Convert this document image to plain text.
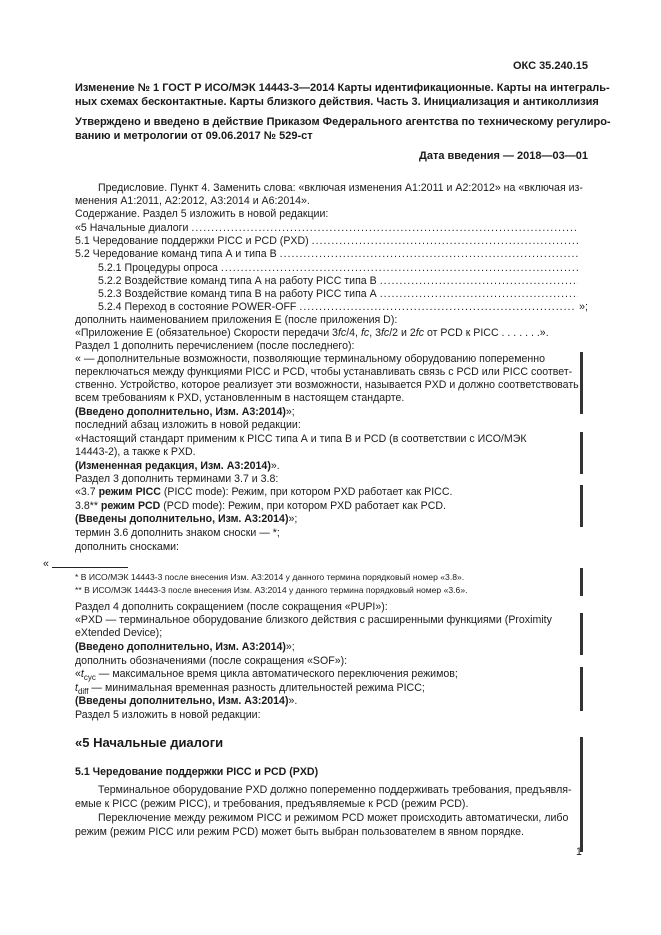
ОКС 35.240.15
Изменение № 1 ГОСТ Р ИСО/МЭК 14443-3—2014 Карты идентификационные. Карты на интеграль-
ных схемах бесконтактные. Карты близкого действия. Часть 3. Инициализация и антиколлизия
Утверждено и введено в действие Приказом Федерального агентства по техническому регулиро-
ванию и метрологии от 09.06.2017 № 529-ст
Дата введения — 2018—03—01
Предисловие. Пункт 4. Заменить слова: «включая изменения А1:2011 и А2:2012» на «включая из-
менения А1:2011, А2:2012, А3:2014 и А6:2014».
Содержание. Раздел 5 изложить в новой редакции:
«5 Начальные диалоги
.....
5.1 Чередование поддержки PICC и PCD (PXD)
.....
5.2 Чередование команд типа А и типа В
.....
5.2.1 Процедуры опроса
.....
5.2.2 Воздействие команд типа А на работу PICC типа В
.....
5.2.3 Воздействие команд типа В на работу PICC типа А
.....
5.2.4 Переход в состояние POWER-OFF
.....	»;
дополнить наименованием приложения Е (после приложения D):
«Приложение Е (обязательное) Скорости передачи 3fc/4, fc, 3fc/2 и 2fc от PCD к PICC . . . . . . .».
Раздел 1 дополнить перечислением (после последнего):
« — дополнительные возможности, позволяющие терминальному оборудованию попеременно
переключаться между функциями PICC и PCD, чтобы устанавливать связь с PCD или PICC соответ-
ственно. Устройство, которое реализует эти возможности, называется PXD и должно соответствовать
всем требованиям к PXD, установленным в настоящем стандарте.
(Введено дополнительно, Изм. А3:2014)»;
последний абзац изложить в новой редакции:
«Настоящий стандарт применим к PICC типа А и типа В и PCD (в соответствии с ИСО/МЭК
14443-2), а также к PXD.
(Измененная редакция, Изм. А3:2014)».
Раздел 3 дополнить терминами 3.7 и 3.8:
«3.7 режим PICC (PICC mode): Режим, при котором PXD работает как PICC.
3.8** режим PCD (PCD mode): Режим, при котором PXD работает как PCD.
(Введены дополнительно, Изм. А3:2014)»;
термин 3.6 дополнить знаком сноски — *;
дополнить сносками:
«
* В ИСО/МЭК 14443-3 после внесения Изм. А3:2014 у данного термина порядковый номер «3.8».
** В ИСО/МЭК 14443-3 после внесения Изм. А3:2014 у данного термина порядковый номер «3.6».
Раздел 4 дополнить сокращением (после сокращения «PUPI»):
«PXD — терминальное оборудование близкого действия с расширенными функциями (Proximity
eXtended Device);
(Введено дополнительно, Изм. А3:2014)»;
дополнить обозначениями (после сокращения «SOF»):
«$t_{cyc}$ — максимальное время цикла автоматического переключения режимов;
$t_{diff}$ — минимальная временная разность длительностей режима PICC;
(Введены дополнительно, Изм. А3:2014)».
Раздел 5 изложить в новой редакции:
«5 Начальные диалоги
5.1 Чередование поддержки PICC и PCD (PXD)
Терминальное оборудование PXD должно попеременно поддерживать требования, предъявля-
емые к PICC (режим PICC), и требования, предъявляемые к PCD (режим PCD).
Переключение между режимом PICC и режимом PCD может происходить автоматически, либо
режим (режим PICC или режим PCD) может быть выбран пользователем в явном порядке.
1
